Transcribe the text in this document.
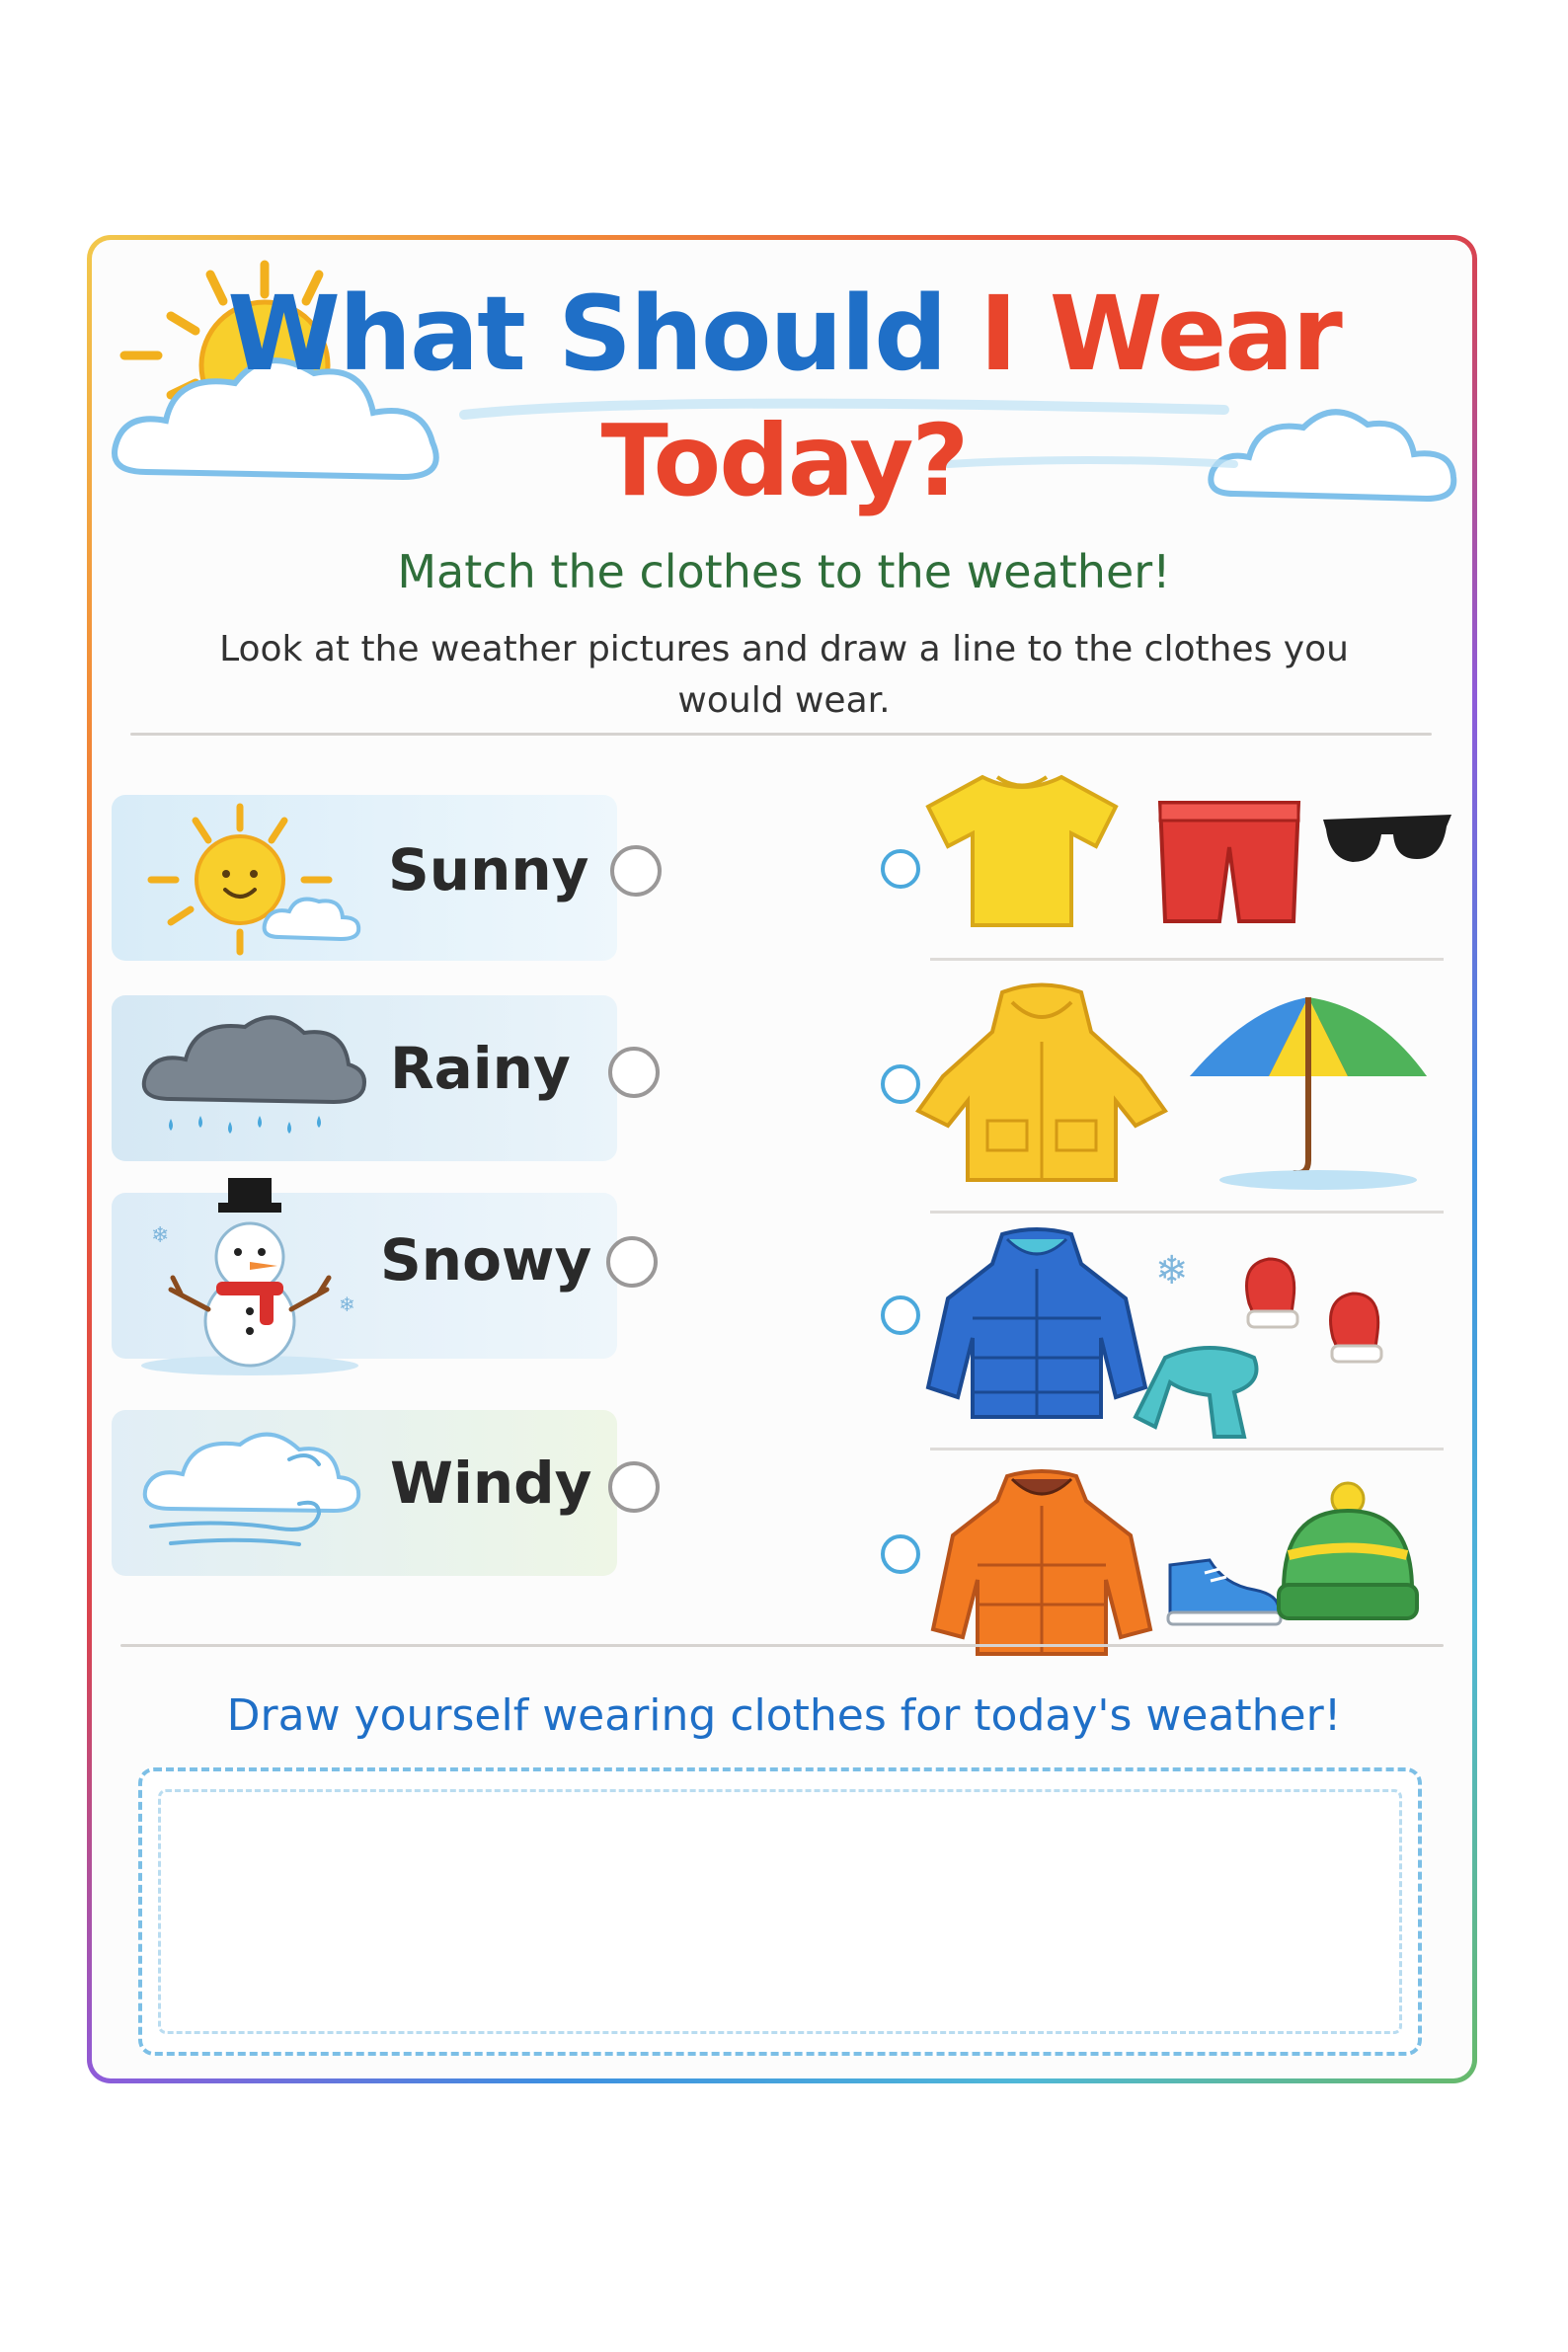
What Should I Wear
Today?
Match the clothes to the weather!
Look at the weather pictures and draw a line to the clothes you would wear.
Sunny
Rainy
❄
❄
Snowy
Windy
❄
Draw yourself wearing clothes for today's weather!
